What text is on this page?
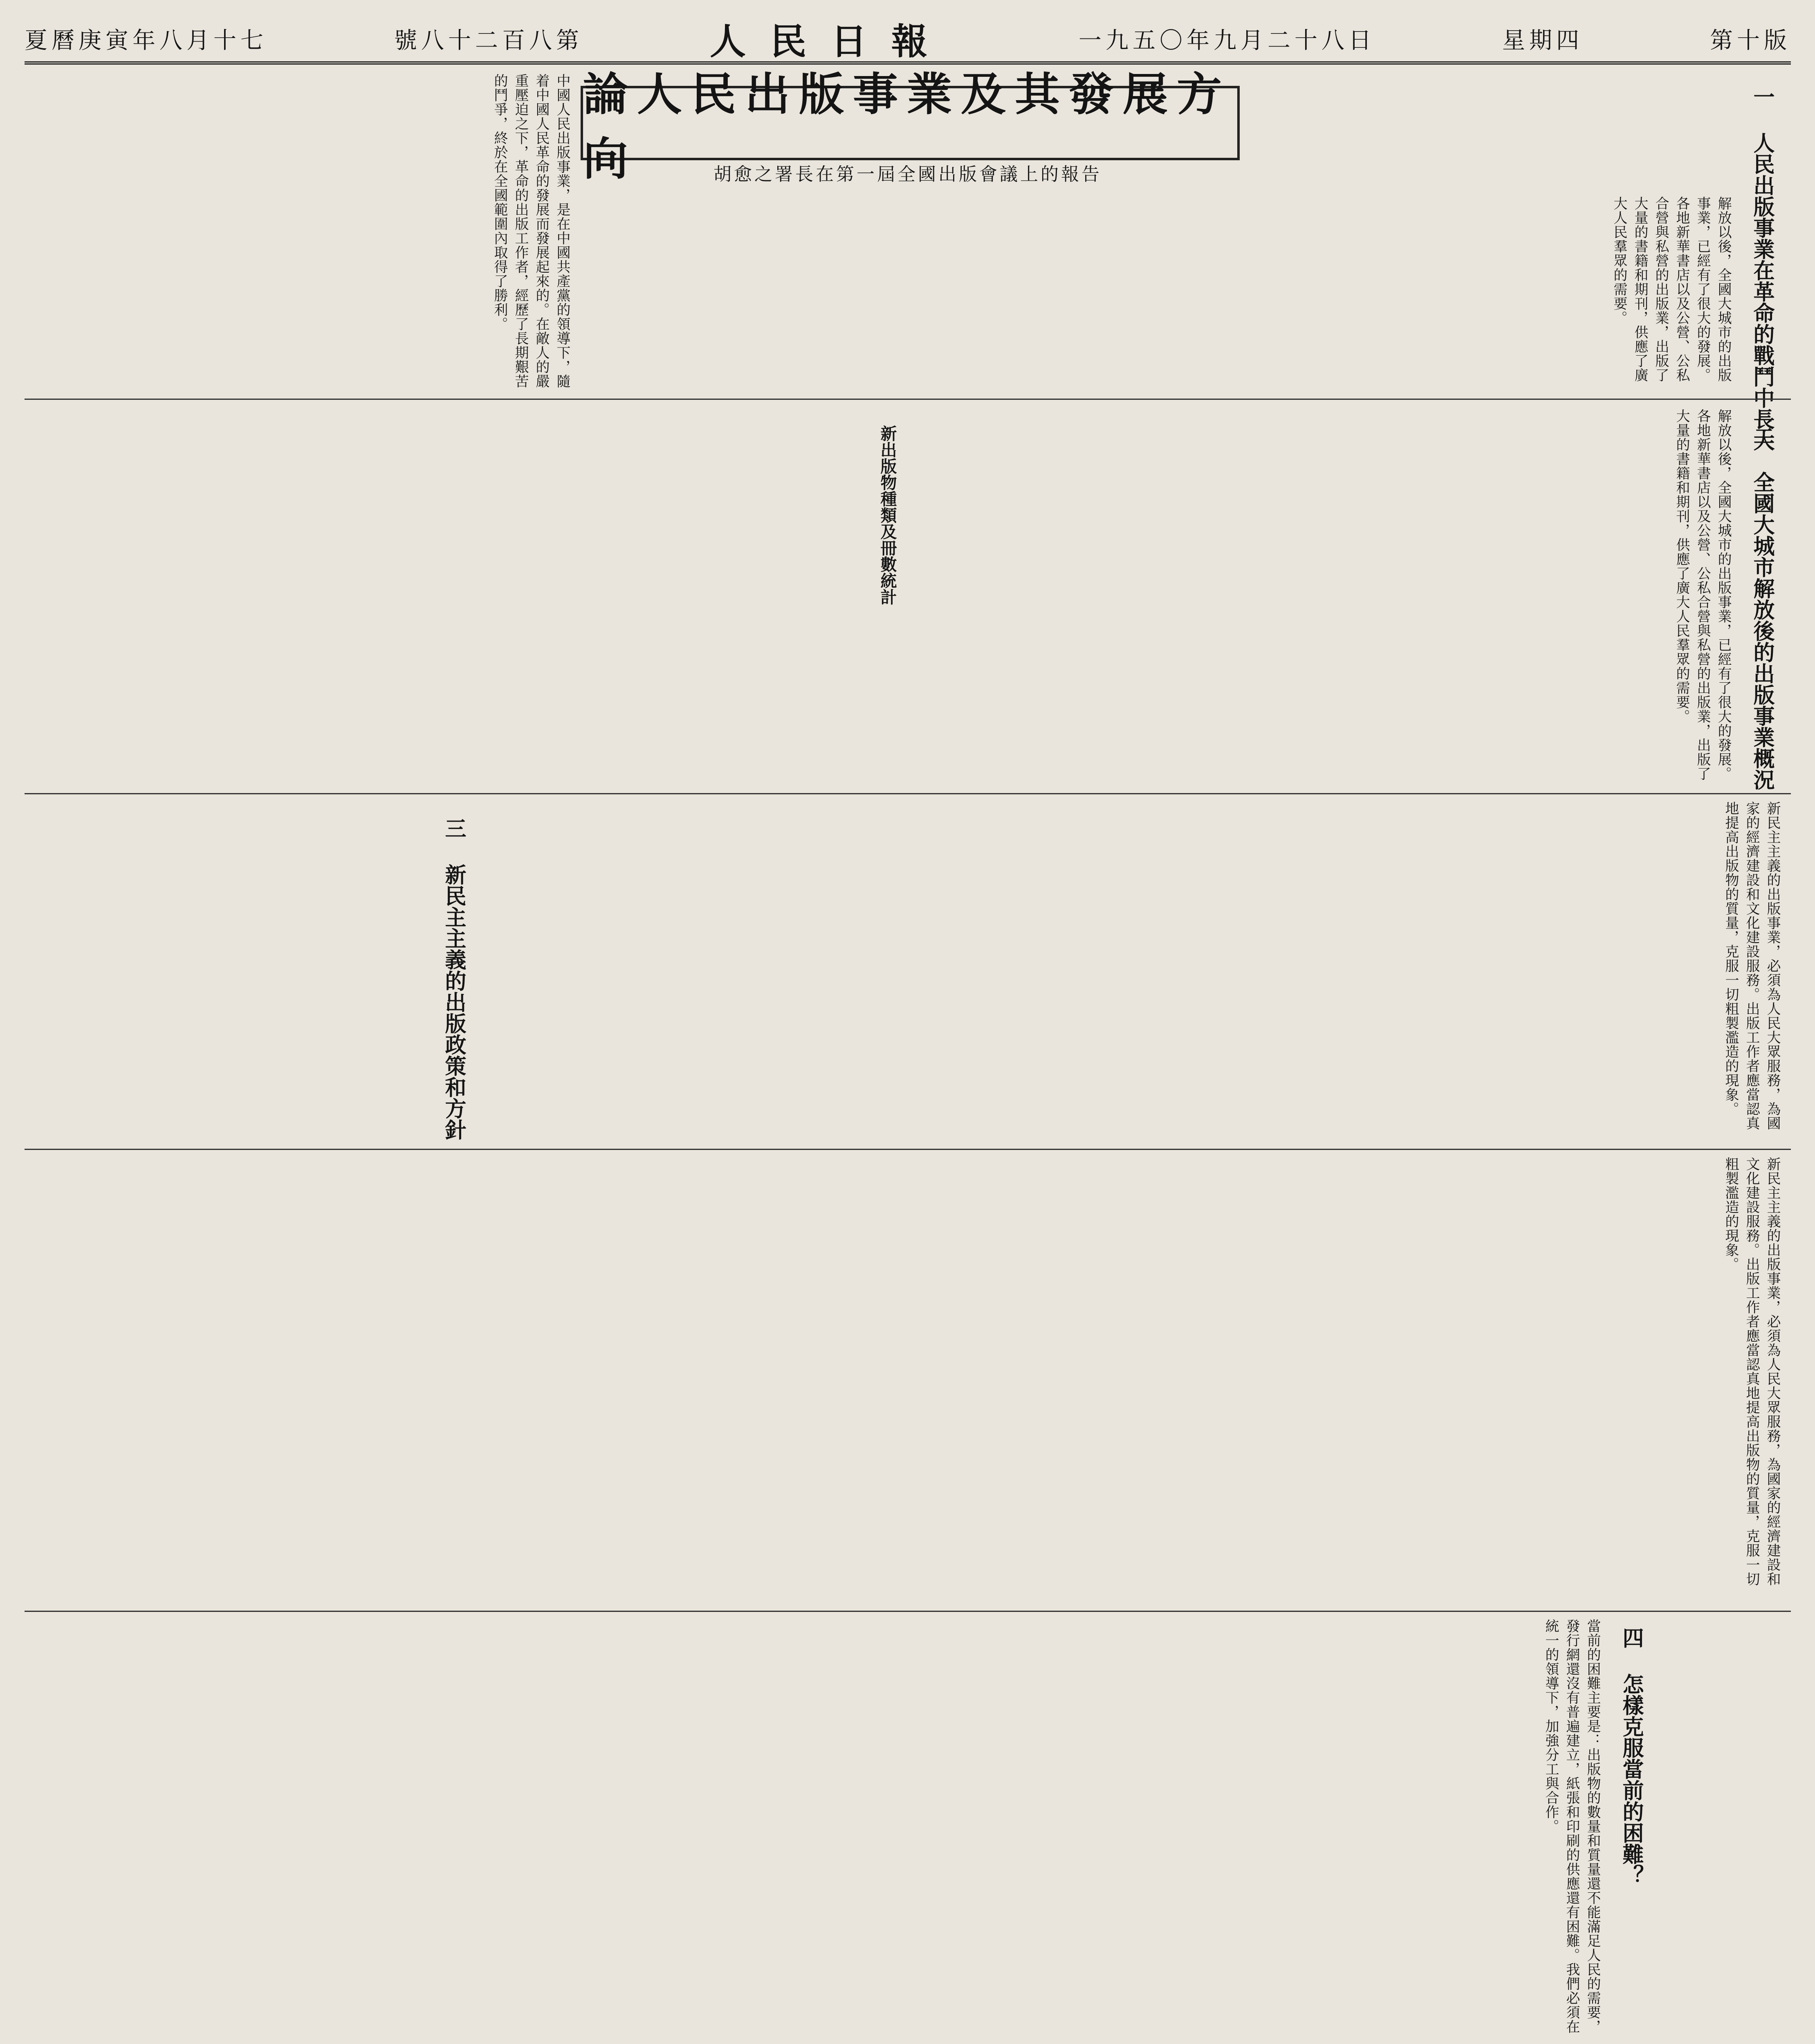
夏曆庚寅年八月十七	號八十二百八第	人民日報	一九五〇年九月二十八日	星期四	第十版
論人民出版事業及其發展方向	胡愈之署長在第一屆全國出版會議上的報告	一 人民出版事業在革命的戰鬥中長大
二 全國大城市解放後的出版事業概況
三 新民主主義的出版政策和方針
四 怎樣克服當前的困難？
新出版物種類及冊數統計
中國人民出版事業，是在中國共產黨的領導下，隨着中國人民革命的發展而發展起來的。在敵人的嚴重壓迫之下，革命的出版工作者，經歷了長期艱苦的鬥爭，終於在全國範圍內取得了勝利。	解放以後，全國大城市的出版事業，已經有了很大的發展。各地新華書店以及公營、公私合營與私營的出版業，出版了大量的書籍和期刊，供應了廣大人民羣眾的需要。
解放以後，全國大城市的出版事業，已經有了很大的發展。各地新華書店以及公營、公私合營與私營的出版業，出版了大量的書籍和期刊，供應了廣大人民羣眾的需要。
新民主主義的出版事業，必須為人民大眾服務，為國家的經濟建設和文化建設服務。出版工作者應當認真地提高出版物的質量，克服一切粗製濫造的現象。
新民主主義的出版事業，必須為人民大眾服務，為國家的經濟建設和文化建設服務。出版工作者應當認真地提高出版物的質量，克服一切粗製濫造的現象。
當前的困難主要是：出版物的數量和質量還不能滿足人民的需要，發行網還沒有普遍建立，紙張和印刷的供應還有困難。我們必須在統一的領導下，加強分工與合作。
